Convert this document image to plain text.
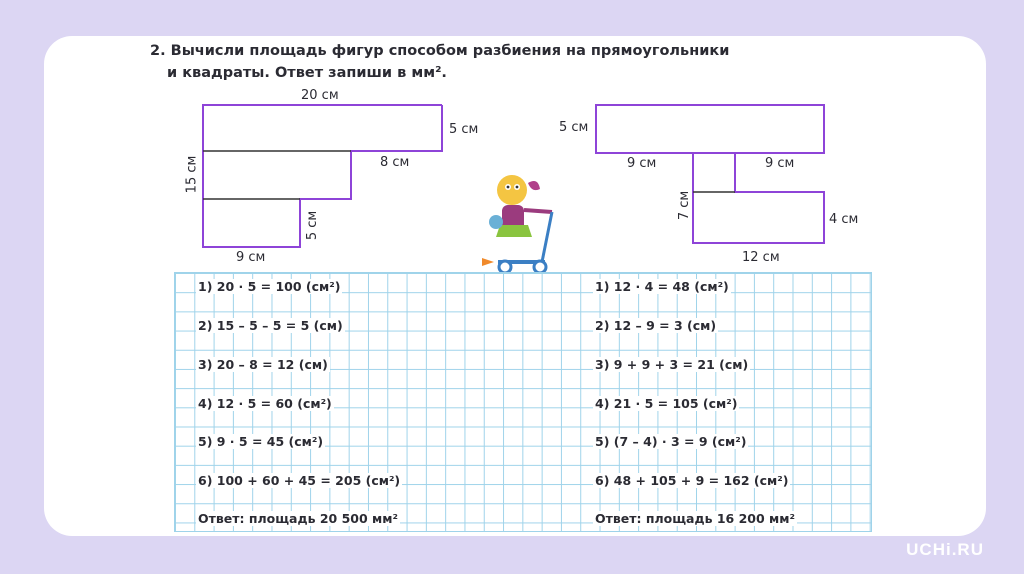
2. Вычисли площадь фигур способом разбиения на прямоугольники
и квадраты. Ответ запиши в мм².
20 см
5 см
15 см	8 см
5 см
9 см
5 см
9 см	9 см
7 см	4 см
12 см
1) 20 · 5 = 100 (см²)
2) 15 – 5 – 5 = 5 (см)
3) 20 – 8 = 12 (см)
4) 12 · 5 = 60 (см²)
5) 9 · 5 = 45 (см²)
6) 100 + 60 + 45 = 205 (см²)
Ответ: площадь 20 500 мм²
1) 12 · 4 = 48 (см²)
2) 12 – 9 = 3 (см)
3) 9 + 9 + 3 = 21 (см)
4) 21 · 5 = 105 (см²)
5) (7 – 4) · 3 = 9 (см²)
6) 48 + 105 + 9 = 162 (см²)
Ответ: площадь 16 200 мм²
UCHi.RU
